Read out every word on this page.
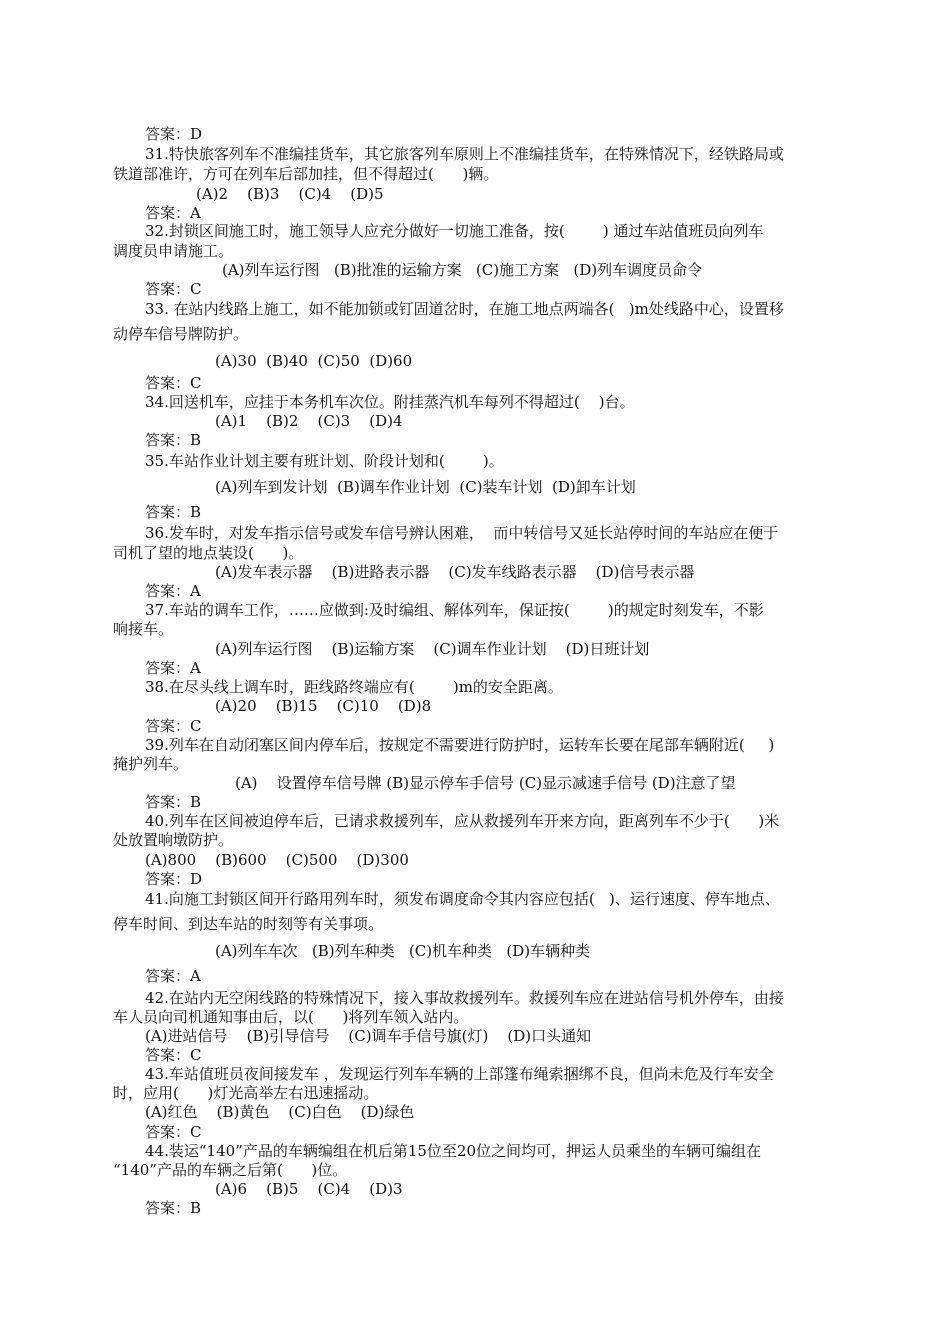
答案：D
31.特快旅客列车不准编挂货车，其它旅客列车原则上不准编挂货车，在特殊情况下，经铁路局或
铁道部准许，方可在列车后部加挂，但不得超过(      )辆。
(A)2    (B)3    (C)4    (D)5
答案：A
32.封锁区间施工时，施工领导人应充分做好一切施工准备，按(        ) 通过车站值班员向列车
调度员申请施工。
(A)列车运行图   (B)批准的运输方案   (C)施工方案   (D)列车调度员命令
答案：C
33. 在站内线路上施工，如不能加锁或钉固道岔时，在施工地点两端各(   )m处线路中心，设置移
动停车信号牌防护。
(A)30  (B)40  (C)50  (D)60
答案：C
34.回送机车，应挂于本务机车次位。附挂蒸汽机车每列不得超过(    )台。
(A)1    (B)2    (C)3    (D)4
答案：B
35.车站作业计划主要有班计划、阶段计划和(        )。
(A)列车到发计划  (B)调车作业计划  (C)装车计划  (D)卸车计划
答案：B
36.发车时，对发车指示信号或发车信号辨认困难，  而中转信号又延长站停时间的车站应在便于
司机了望的地点装设(      )。
(A)发车表示器    (B)进路表示器    (C)发车线路表示器    (D)信号表示器
答案：A
37.车站的调车工作，……应做到:及时编组、解体列车，保证按(        )的规定时刻发车，不影
响接车。
(A)列车运行图    (B)运输方案    (C)调车作业计划    (D)日班计划
答案：A
38.在尽头线上调车时，距线路终端应有(        )m的安全距离。
(A)20    (B)15    (C)10    (D)8
答案：C
39.列车在自动闭塞区间内停车后，按规定不需要进行防护时，运转车长要在尾部车辆附近(     )
掩护列车。
(A)    设置停车信号牌 (B)显示停车手信号 (C)显示减速手信号 (D)注意了望
答案：B
40.列车在区间被迫停车后，已请求救援列车，应从救援列车开来方向，距离列车不少于(      )米
处放置响墩防护。
(A)800    (B)600    (C)500    (D)300
答案：D
41.向施工封锁区间开行路用列车时，须发布调度命令其内容应包括(   )、运行速度、停车地点、
停车时间、到达车站的时刻等有关事项。
(A)列车车次   (B)列车种类   (C)机车种类   (D)车辆种类
答案：A
42.在站内无空闲线路的特殊情况下，接入事故救援列车。救援列车应在进站信号机外停车，由接
车人员向司机通知事由后，以(      )将列车领入站内。
(A)进站信号    (B)引导信号    (C)调车手信号旗(灯)    (D)口头通知
答案：C
43.车站值班员夜间接发车 ，发现运行列车车辆的上部篷布绳索捆绑不良，但尚未危及行车安全
时，应用(      )灯光高举左右迅速摇动。
(A)红色    (B)黄色    (C)白色    (D)绿色
答案：C
44.装运“140”产品的车辆编组在机后第15位至20位之间均可，押运人员乘坐的车辆可编组在
“140”产品的车辆之后第(      )位。
(A)6    (B)5    (C)4    (D)3
答案：B
